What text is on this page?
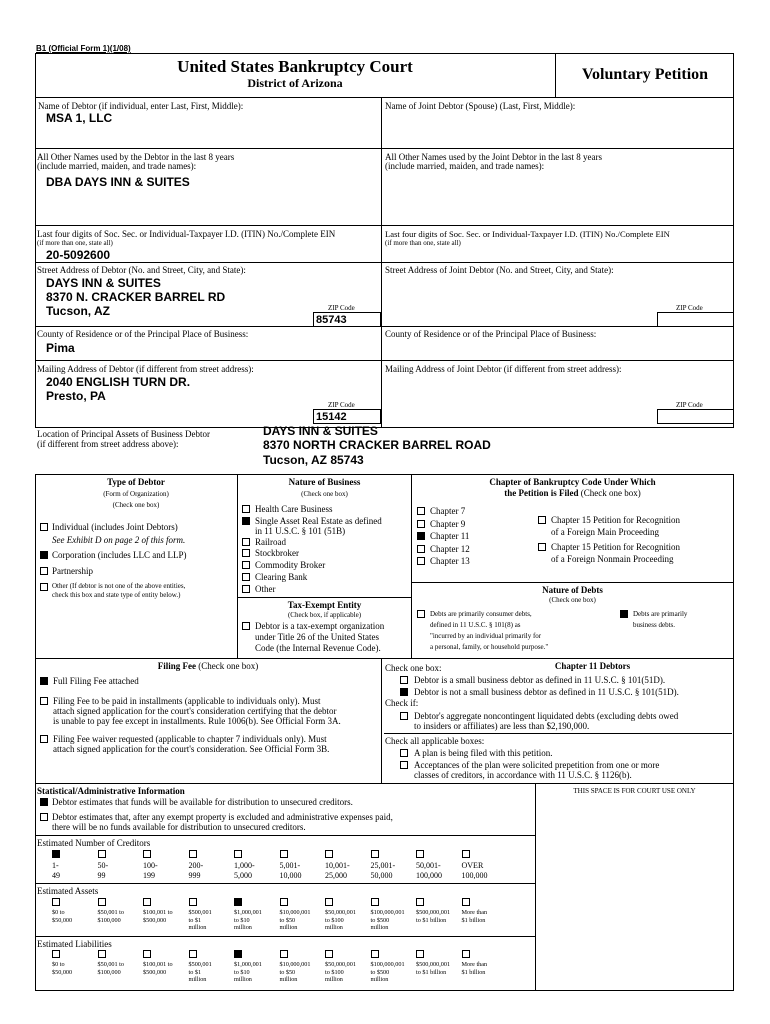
B1 (Official Form 1)(1/08)
United States Bankruptcy Court
District of Arizona	Voluntary Petition
Name of Debtor (if individual, enter Last, First, Middle):
MSA 1, LLC
All Other Names used by the Debtor in the last 8 years
(include married, maiden, and trade names):
DBA DAYS INN & SUITES
Last four digits of Soc. Sec. or Individual-Taxpayer I.D. (ITIN) No./Complete EIN
(if more than one, state all)
20-5092600
Street Address of Debtor (No. and Street, City, and State):
DAYS INN & SUITES
8370 N. CRACKER BARREL RD
Tucson, AZ	ZIP Code
85743
County of Residence or of the Principal Place of Business:
Pima
Mailing Address of Debtor (if different from street address):
2040 ENGLISH TURN DR.
Presto, PA
ZIP Code
15142
Name of Joint Debtor (Spouse) (Last, First, Middle):
All Other Names used by the Joint Debtor in the last 8 years
(include married, maiden, and trade names):
Last four digits of Soc. Sec. or Individual-Taxpayer I.D. (ITIN) No./Complete EIN
(if more than one, state all)
Street Address of Joint Debtor (No. and Street, City, and State):
ZIP Code
County of Residence or of the Principal Place of Business:
Mailing Address of Joint Debtor (if different from street address):
ZIP Code
Location of Principal Assets of Business Debtor
(if different from street address above):
DAYS INN & SUITES
8370 NORTH CRACKER BARREL ROAD
Tucson, AZ 85743
Type of Debtor
(Form of Organization)
(Check one box)
Individual (includes Joint Debtors)
See Exhibit D on page 2 of this form.
Corporation (includes LLC and LLP)
Partnership
Other (If debtor is not one of the above entities,
check this box and state type of entity below.)
Nature of Business
(Check one box)
Health Care Business
Single Asset Real Estate as defined
Railroad
Stockbroker
Commodity Broker
Clearing Bank
Other
in 11 U.S.C. § 101 (51B)
Tax-Exempt Entity
(Check box, if applicable)
Debtor is a tax-exempt organization
under Title 26 of the United States
Code (the Internal Revenue Code).
Chapter of Bankruptcy Code Under Which
the Petition is Filed (Check one box)
Chapter 7
Chapter 9
Chapter 11
Chapter 12
Chapter 13
Chapter 15 Petition for Recognition
of a Foreign Main Proceeding
Chapter 15 Petition for Recognition
of a Foreign Nonmain Proceeding
Nature of Debts
(Check one box)
Debts are primarily consumer debts,
defined in 11 U.S.C. § 101(8) as
"incurred by an individual primarily for
a personal, family, or household purpose."
Debts are primarily
business debts.
Filing Fee (Check one box)
Full Filing Fee attached
Filing Fee to be paid in installments (applicable to individuals only). Must
attach signed application for the court's consideration certifying that the debtor
is unable to pay fee except in installments. Rule 1006(b). See Official Form 3A.
Filing Fee waiver requested (applicable to chapter 7 individuals only). Must
attach signed application for the court's consideration. See Official Form 3B.
Check one box:	Chapter 11 Debtors
Debtor is a small business debtor as defined in 11 U.S.C. § 101(51D).
Debtor is not a small business debtor as defined in 11 U.S.C. § 101(51D).
Check if:
Debtor's aggregate noncontingent liquidated debts (excluding debts owed
to insiders or affiliates) are less than $2,190,000.
Check all applicable boxes:
A plan is being filed with this petition.
Acceptances of the plan were solicited prepetition from one or more
classes of creditors, in accordance with 11 U.S.C. § 1126(b).
Statistical/Administrative Information	THIS SPACE IS FOR COURT USE ONLY
Debtor estimates that funds will be available for distribution to unsecured creditors.
Debtor estimates that, after any exempt property is excluded and administrative expenses paid,
there will be no funds available for distribution to unsecured creditors.
Estimated Number of Creditors
1-
49
50-
99
100-
199
200-
999
1,000-
5,000
5,001-
10,000
10,001-
25,000
25,001-
50,000
50,001-
100,000
OVER
100,000
Estimated Assets
$0 to
$50,000
$50,001 to
$100,000
$100,001 to
$500,000
$500,001
to $1
million
$1,000,001
to $10
million
$10,000,001
to $50
million
$50,000,001
to $100
million
$100,000,001
to $500
million
$500,000,001
to $1 billion
More than
$1 billion
Estimated Liabilities
$0 to
$50,000
$50,001 to
$100,000
$100,001 to
$500,000
$500,001
to $1
million
$1,000,001
to $10
million
$10,000,001
to $50
million
$50,000,001
to $100
million
$100,000,001
to $500
million
$500,000,001
to $1 billion
More than
$1 billion
